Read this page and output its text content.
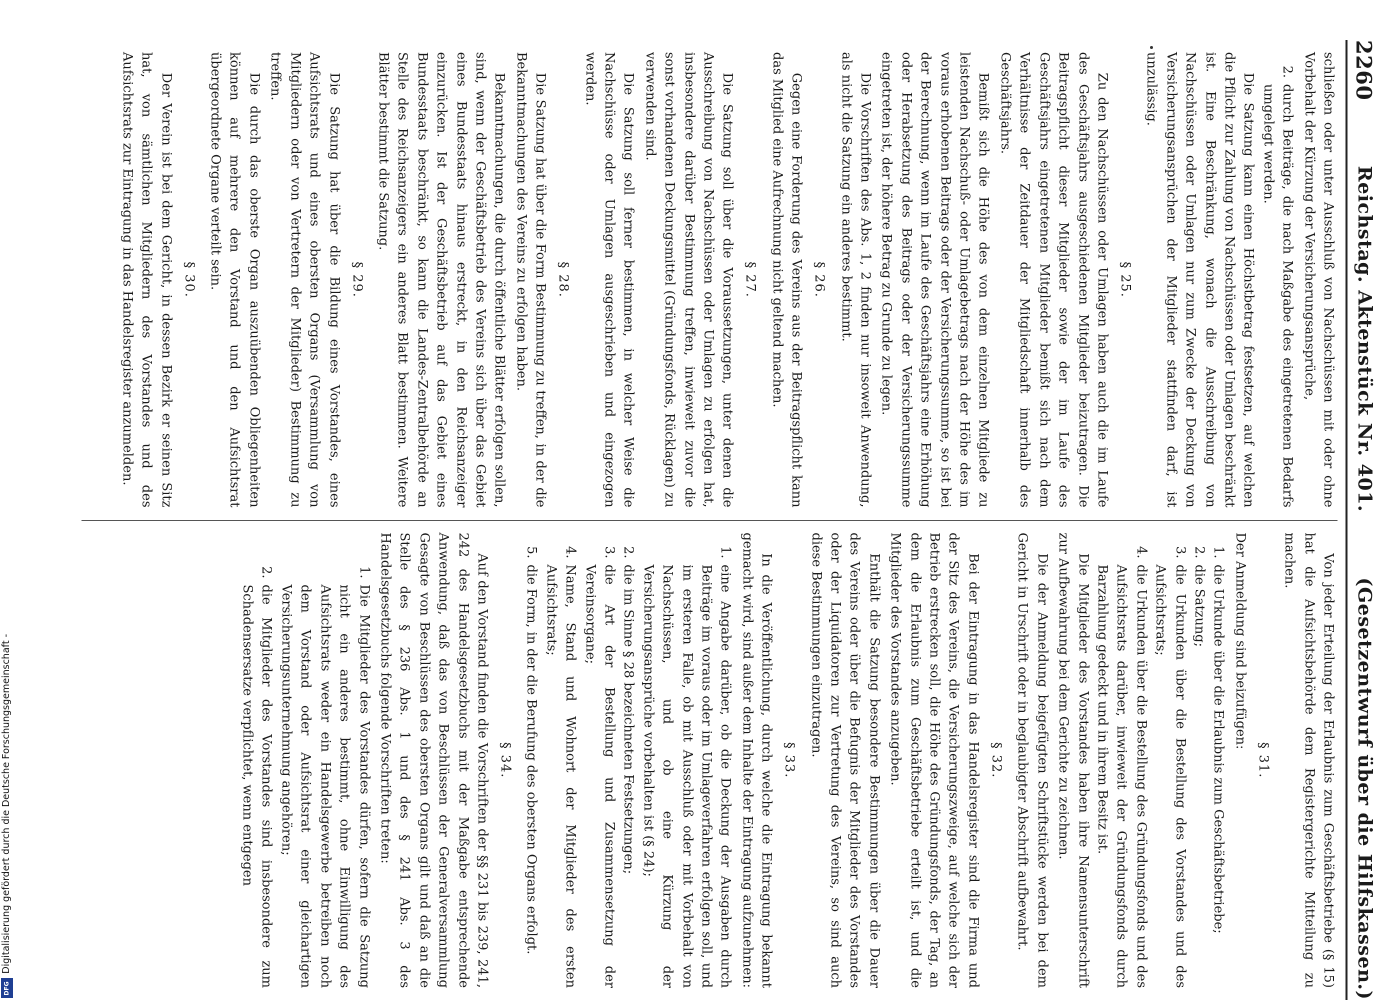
2260
Reichstag. Aktenstück Nr. 401.
(Gesetzentwurf über die Hilfskassen.)

schließen oder unter Ausschluß von Nachschüssen mit oder ohne Vorbehalt der Kürzung der Versicherungsansprüche,

2.
durch Beiträge, die nach Maßgabe des eingetretenen Bedarfs umgelegt werden.

Die Satzung kann einen Höchstbetrag festsetzen, auf welchen die Pflicht zur Zahlung von Nachschüssen oder Umlagen beschränkt ist. Eine Beschränkung, wonach die Ausschreibung von Nachschüssen oder Umlagen nur zum Zwecke der Deckung von Versicherungsansprüchen der Mitglieder stattfinden darf, ist unzulässig.

§ 25.

Zu den Nachschüssen oder Umlagen haben auch die im Laufe des Geschäftsjahrs ausgeschiedenen Mitglieder beizutragen. Die Beitragspflicht dieser Mitglieder sowie der im Laufe des Geschäftsjahrs eingetretenen Mitglieder bemißt sich nach dem Verhältnisse der Zeitdauer der Mitgliedschaft innerhalb des Geschäftsjahrs.

Bemißt sich die Höhe des von dem einzelnen Mitgliede zu leistenden Nachschuß- oder Umlagebetrags nach der Höhe des im voraus erhobenen Beitrags oder der Versicherungssumme, so ist bei der Berechnung, wenn im Laufe des Geschäftsjahrs eine Erhöhung oder Herabsetzung des Beitrags oder der Versicherungssumme eingetreten ist, der höhere Betrag zu Grunde zu legen.

Die Vorschriften des Abs. 1, 2 finden nur insoweit Anwendung, als nicht die Satzung ein anderes bestimmt.

§ 26.

Gegen eine Forderung des Vereins aus der Beitragspflicht kann das Mitglied eine Aufrechnung nicht geltend machen.

§ 27.

Die Satzung soll über die Voraussetzungen, unter denen die Ausschreibung von Nachschüssen oder Umlagen zu erfolgen hat, insbesondere darüber Bestimmung treffen, inwieweit zuvor die sonst vorhandenen Deckungsmittel (Gründungsfonds, Rücklagen) zu verwenden sind.

Die Satzung soll ferner bestimmen, in welcher Weise die Nachschüsse oder Umlagen ausgeschrieben und eingezogen werden.

§ 28.

Die Satzung hat über die Form Bestimmung zu treffen, in der die Bekanntmachungen des Vereins zu erfolgen haben.

Bekanntmachungen, die durch öffentliche Blätter erfolgen sollen, sind, wenn der Geschäftsbetrieb des Vereins sich über das Gebiet eines Bundesstaats hinaus erstreckt, in den Reichsanzeiger einzurücken. Ist der Geschäftsbetrieb auf das Gebiet eines Bundesstaats beschränkt, so kann die Landes-Zentralbehörde an Stelle des Reichsanzeigers ein anderes Blatt bestimmen. Weitere Blätter bestimmt die Satzung.

§ 29.

Die Satzung hat über die Bildung eines Vorstandes, eines Aufsichtsrats und eines obersten Organs (Versammlung von Mitgliedern oder von Vertretern der Mitglieder) Bestimmung zu treffen.

Die durch das oberste Organ auszuübenden Obliegenheiten können auf mehrere den Vorstand und den Aufsichtsrat übergeordnete Organe verteilt sein.

§ 30.

Der Verein ist bei dem Gericht, in dessen Bezirk er seinen Sitz hat, von sämtlichen Mitgliedern des Vorstandes und des Aufsichtsrats zur Eintragung in das Handelsregister anzumelden.

Von jeder Erteilung der Erlaubnis zum Geschäftsbetriebe (§ 15) hat die Aufsichtsbehörde dem Registergerichte Mitteilung zu machen.

§ 31.

Der Anmeldung sind beizufügen:

1.
die Urkunde über die Erlaubnis zum Geschäftsbetriebe;
2.
die Satzung;
3.
die Urkunden über die Bestellung des Vorstandes und des Aufsichtsrats;
4.
die Urkunden über die Bestellung des Gründungsfonds und des Aufsichtsrats darüber, inwieweit der Gründungsfonds durch Barzahlung gedeckt und in ihrem Besitz ist.

Die Mitglieder des Vorstandes haben ihre Namensunterschrift zur Aufbewahrung bei dem Gerichte zu zeichnen.

Die der Anmeldung beigefügten Schriftstücke werden bei dem Gericht in Urschrift oder in beglaubigter Abschrift aufbewahrt.

§ 32.

Bei der Eintragung in das Handelsregister sind die Firma und der Sitz des Vereins, die Versicherungszweige, auf welche sich der Betrieb erstrecken soll, die Höhe des Gründungsfonds, der Tag, an dem die Erlaubnis zum Geschäftsbetriebe erteilt ist, und die Mitglieder des Vorstandes anzugeben.

Enthält die Satzung besondere Bestimmungen über die Dauer des Vereins oder über die Befugnis der Mitglieder des Vorstandes oder der Liquidatoren zur Vertretung des Vereins, so sind auch diese Bestimmungen einzutragen.

§ 33.

In die Veröffentlichung, durch welche die Eintragung bekannt gemacht wird, sind außer dem Inhalte der Eintragung aufzunehmen:

1.
eine Angabe darüber, ob die Deckung der Ausgaben durch Beiträge im voraus oder im Umlageverfahren erfolgen soll, und im ersteren Falle, ob mit Ausschluß oder mit Vorbehalt von Nachschüssen, und ob eine Kürzung der Versicherungsansprüche vorbehalten ist (§ 24);
2.
die im Sinne § 28 bezeichneten Festsetzungen;
3.
die Art der Bestellung und Zusammensetzung der Vereinsorgane;
4.
Name, Stand und Wohnort der Mitglieder des ersten Aufsichtsrats;
5.
die Form, in der die Berufung des obersten Organs erfolgt.
§ 34.

Auf den Vorstand finden die Vorschriften der §§ 231 bis 239, 241, 242 des Handelsgesetzbuchs mit der Maßgabe entsprechende Anwendung, daß das von Beschlüssen der Generalversammlung Gesagte von Beschlüssen des obersten Organs gilt und daß an die Stelle des § 236 Abs. 1 und des § 241 Abs. 3 des Handelsgesetzbuchs folgende Vorschriften treten:

1.
Die Mitglieder des Vorstandes dürfen, sofern die Satzung nicht ein anderes bestimmt, ohne Einwilligung des Aufsichtsrats weder ein Handelsgewerbe betreiben noch dem Vorstand oder Aufsichtsrat einer gleichartigen Versicherungsunternehmung angehören;
2.
die Mitglieder des Vorstandes sind insbesondere zum Schadensersatze verpflichtet, wenn entgegen
Digitalisierung gefördert durch die Deutsche Forschungsgemeinschaft -
DFG
